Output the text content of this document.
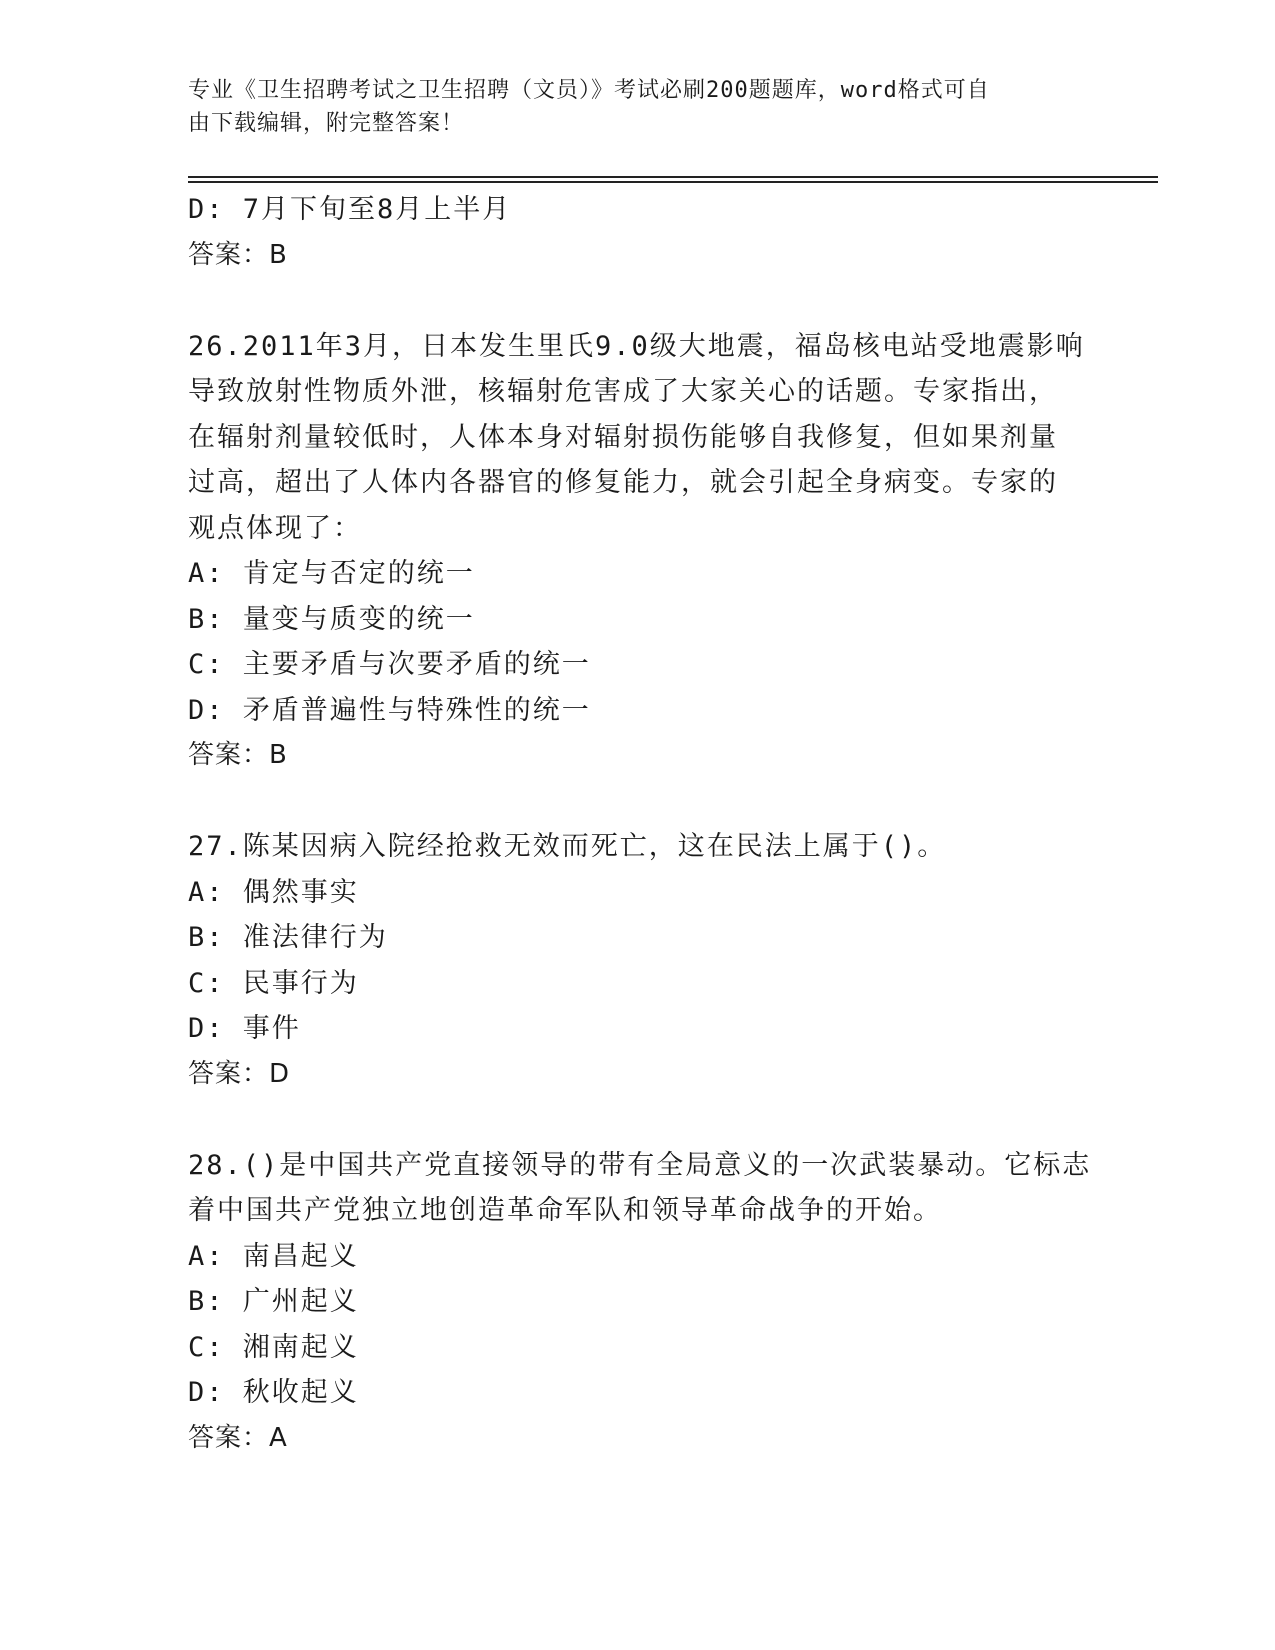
专业《卫生招聘考试之卫生招聘（文员）》考试必刷200题题库，word格式可自
由下载编辑，附完整答案！
D: 7月下旬至8月上半月
答案：B
26.2011年3月，日本发生里氏9.0级大地震，福岛核电站受地震影响
导致放射性物质外泄，核辐射危害成了大家关心的话题。专家指出，
在辐射剂量较低时，人体本身对辐射损伤能够自我修复，但如果剂量
过高，超出了人体内各器官的修复能力，就会引起全身病变。专家的
观点体现了：
A: 肯定与否定的统一
B: 量变与质变的统一
C: 主要矛盾与次要矛盾的统一
D: 矛盾普遍性与特殊性的统一
答案：B
27.陈某因病入院经抢救无效而死亡，这在民法上属于()。
A: 偶然事实
B: 准法律行为
C: 民事行为
D: 事件
答案：D
28.()是中国共产党直接领导的带有全局意义的一次武装暴动。它标志
着中国共产党独立地创造革命军队和领导革命战争的开始。
A: 南昌起义
B: 广州起义
C: 湘南起义
D: 秋收起义
答案：A
